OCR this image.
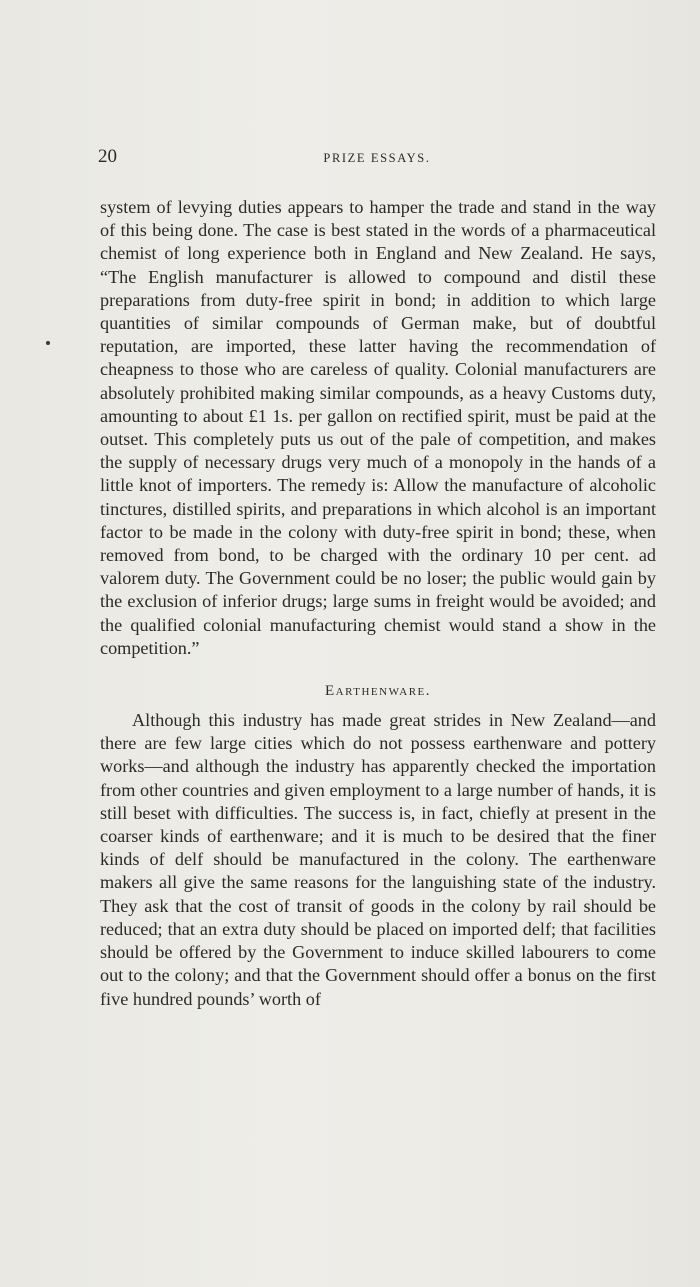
20	PRIZE ESSAYS.

system of levying duties appears to hamper the trade and stand in the way of this being done. The case is best stated in the words of a pharmaceutical chemist of long experience both in England and New Zealand. He says, “The English manufacturer is allowed to compound and distil these preparations from duty-free spirit in bond; in addition to which large quantities of similar compounds of German make, but of doubtful reputation, are imported, these latter having the recommendation of cheapness to those who are careless of quality. Colonial manufacturers are absolutely prohibited making similar compounds, as a heavy Customs duty, amounting to about £1 1s. per gallon on rectified spirit, must be paid at the outset. This completely puts us out of the pale of competition, and makes the supply of necessary drugs very much of a monopoly in the hands of a little knot of importers. The remedy is: Allow the manufacture of alcoholic tinctures, distilled spirits, and preparations in which alcohol is an important factor to be made in the colony with duty-free spirit in bond; these, when removed from bond, to be charged with the ordinary 10 per cent. ad valorem duty. The Government could be no loser; the public would gain by the exclusion of inferior drugs; large sums in freight would be avoided; and the qualified colonial manufacturing chemist would stand a show in the competition.”

Earthenware.

Although this industry has made great strides in New Zealand—and there are few large cities which do not possess earthenware and pottery works—and although the industry has apparently checked the importation from other countries and given employment to a large number of hands, it is still beset with difficulties. The success is, in fact, chiefly at present in the coarser kinds of earthenware; and it is much to be desired that the finer kinds of delf should be manufactured in the colony. The earthenware makers all give the same reasons for the languishing state of the industry. They ask that the cost of transit of goods in the colony by rail should be reduced; that an extra duty should be placed on imported delf; that facilities should be offered by the Government to induce skilled labourers to come out to the colony; and that the Government should offer a bonus on the first five hundred pounds’ worth of
